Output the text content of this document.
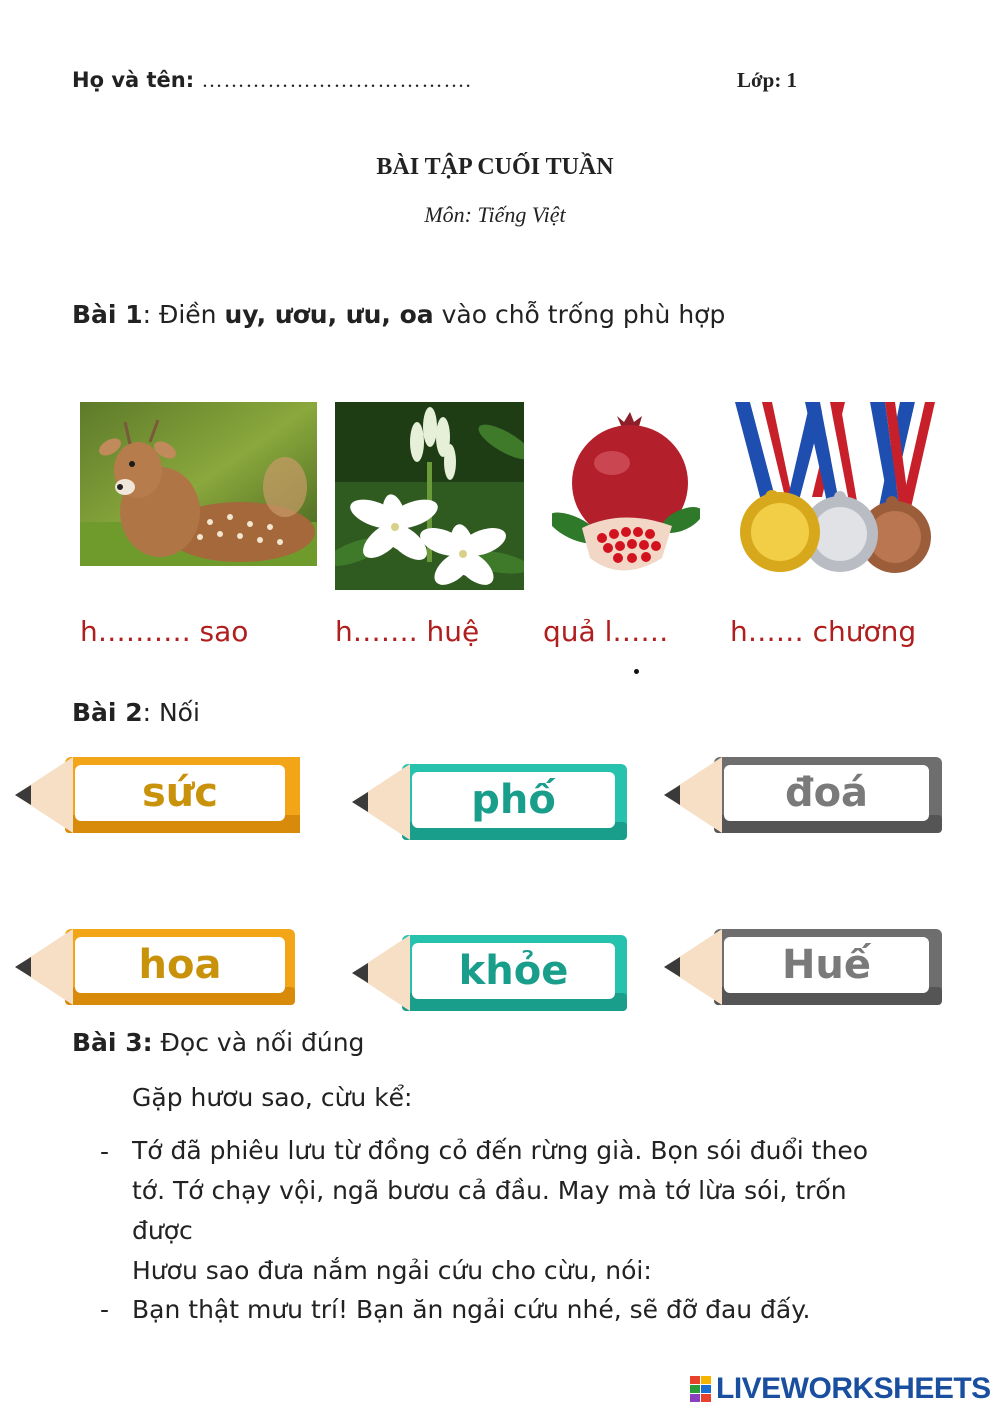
Họ và tên: ……………………………….	Lớp: 1
BÀI TẬP CUỐI TUẦN
Môn: Tiếng Việt
Bài 1: Điền uy, ươu, ưu, oa vào chỗ trống phù hợp
h………. sao	h……. huệ quả l…… h…… chương
Bài 2: Nối
sức	phố	đoá
hoa	khỏe	Huế
Bài 3: Đọc và nối đúng
Gặp hươu sao, cừu kể:
- Tớ đã phiêu lưu từ đồng cỏ đến rừng già. Bọn sói đuổi theo
tớ. Tớ chạy vội, ngã bươu cả đầu. May mà tớ lừa sói, trốn
được
Hươu sao đưa nắm ngải cứu cho cừu, nói:
- Bạn thật mưu trí! Bạn ăn ngải cứu nhé, sẽ đỡ đau đấy.
LIVEWORKSHEETS
